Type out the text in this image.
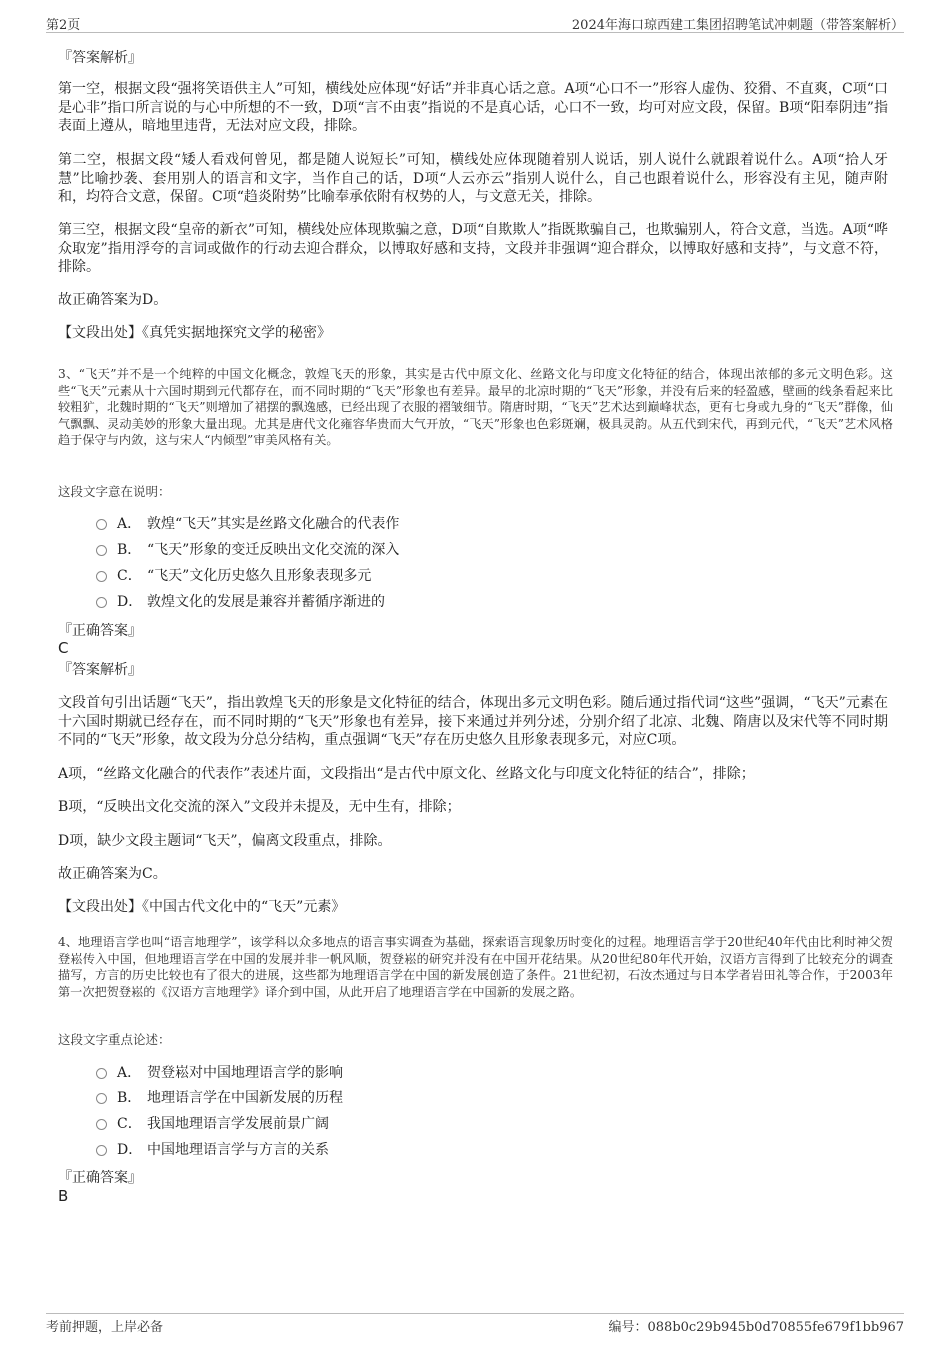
第2页	2024年海口琼西建工集团招聘笔试冲刺题（带答案解析）
『答案解析』
第一空，根据文段“强将笑语供主人”可知，横线处应体现“好话”并非真心话之意。A项“心口不一”形容人虚伪、狡猾、不直爽，C项“口是心非”指口所言说的与心中所想的不一致，D项“言不由衷”指说的不是真心话，心口不一致，均可对应文段，保留。B项“阳奉阴违”指表面上遵从，暗地里违背，无法对应文段，排除。
第二空，根据文段“矮人看戏何曾见，都是随人说短长”可知，横线处应体现随着别人说话，别人说什么就跟着说什么。A项“拾人牙慧”比喻抄袭、套用别人的语言和文字，当作自己的话，D项“人云亦云”指别人说什么，自己也跟着说什么，形容没有主见，随声附和，均符合文意，保留。C项“趋炎附势”比喻奉承依附有权势的人，与文意无关，排除。
第三空，根据文段“皇帝的新衣”可知，横线处应体现欺骗之意，D项“自欺欺人”指既欺骗自己，也欺骗别人，符合文意，当选。A项“哗众取宠”指用浮夸的言词或做作的行动去迎合群众，以博取好感和支持，文段并非强调“迎合群众，以博取好感和支持”，与文意不符，排除。
故正确答案为D。
【文段出处】《真凭实据地探究文学的秘密》
3、“飞天”并不是一个纯粹的中国文化概念，敦煌飞天的形象，其实是古代中原文化、丝路文化与印度文化特征的结合，体现出浓郁的多元文明色彩。这些“飞天”元素从十六国时期到元代都存在，而不同时期的“飞天”形象也有差异。最早的北凉时期的“飞天”形象，并没有后来的轻盈感，壁画的线条看起来比较粗犷，北魏时期的“飞天”则增加了裙摆的飘逸感，已经出现了衣服的褶皱细节。隋唐时期，“飞天”艺术达到巅峰状态，更有七身或九身的“飞天”群像，仙气飘飘、灵动美妙的形象大量出现。尤其是唐代文化雍容华贵而大气开放，“飞天”形象也色彩斑斓，极具灵韵。从五代到宋代，再到元代，“飞天”艺术风格趋于保守与内敛，这与宋人“内倾型”审美风格有关。
这段文字意在说明：
A． 敦煌“飞天”其实是丝路文化融合的代表作
B． “飞天”形象的变迁反映出文化交流的深入
C． “飞天”文化历史悠久且形象表现多元
D． 敦煌文化的发展是兼容并蓄循序渐进的
『正确答案』
C
『答案解析』
文段首句引出话题“飞天”，指出敦煌飞天的形象是文化特征的结合，体现出多元文明色彩。随后通过指代词“这些”强调，“飞天”元素在十六国时期就已经存在，而不同时期的“飞天”形象也有差异，接下来通过并列分述，分别介绍了北凉、北魏、隋唐以及宋代等不同时期不同的“飞天”形象，故文段为分总分结构，重点强调“飞天”存在历史悠久且形象表现多元，对应C项。
A项，“丝路文化融合的代表作”表述片面，文段指出“是古代中原文化、丝路文化与印度文化特征的结合”，排除；
B项，“反映出文化交流的深入”文段并未提及，无中生有，排除；
D项，缺少文段主题词“飞天”，偏离文段重点，排除。
故正确答案为C。
【文段出处】《中国古代文化中的“飞天”元素》
4、地理语言学也叫“语言地理学”，该学科以众多地点的语言事实调查为基础，探索语言现象历时变化的过程。地理语言学于20世纪40年代由比利时神父贺登崧传入中国，但地理语言学在中国的发展并非一帆风顺，贺登崧的研究并没有在中国开花结果。从20世纪80年代开始，汉语方言得到了比较充分的调查描写，方言的历史比较也有了很大的进展，这些都为地理语言学在中国的新发展创造了条件。21世纪初，石汝杰通过与日本学者岩田礼等合作，于2003年第一次把贺登崧的《汉语方言地理学》译介到中国，从此开启了地理语言学在中国新的发展之路。
这段文字重点论述：
A． 贺登崧对中国地理语言学的影响
B． 地理语言学在中国新发展的历程
C． 我国地理语言学发展前景广阔
D． 中国地理语言学与方言的关系
『正确答案』
B
考前押题，上岸必备	编号：088b0c29b945b0d70855fe679f1bb967
